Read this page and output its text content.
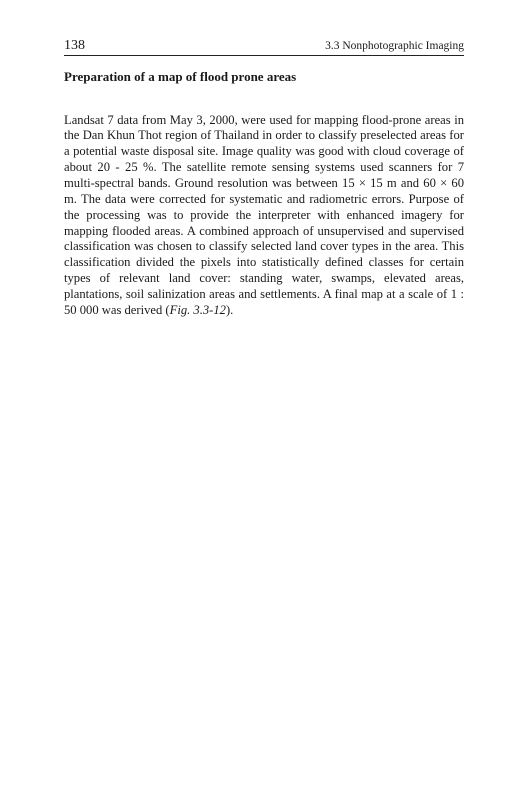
138	3.3 Nonphotographic Imaging
Preparation of a map of flood prone areas

Landsat 7 data from May 3, 2000, were used for mapping flood-prone areas in the Dan Khun Thot region of Thailand in order to classify preselected areas for a potential waste disposal site. Image quality was good with cloud coverage of about 20 - 25 %. The satellite remote sensing systems used scanners for 7 multi-spectral bands. Ground resolution was between 15 × 15 m and 60 × 60 m. The data were corrected for systematic and radiometric errors. Purpose of the processing was to provide the interpreter with enhanced imagery for mapping flooded areas. A combined approach of unsupervised and supervised classification was chosen to classify selected land cover types in the area. This classification divided the pixels into statistically defined classes for certain types of relevant land cover: standing water, swamps, elevated areas, plantations, soil salinization areas and settlements. A final map at a scale of 1 : 50 000 was derived (Fig. 3.3-12).
